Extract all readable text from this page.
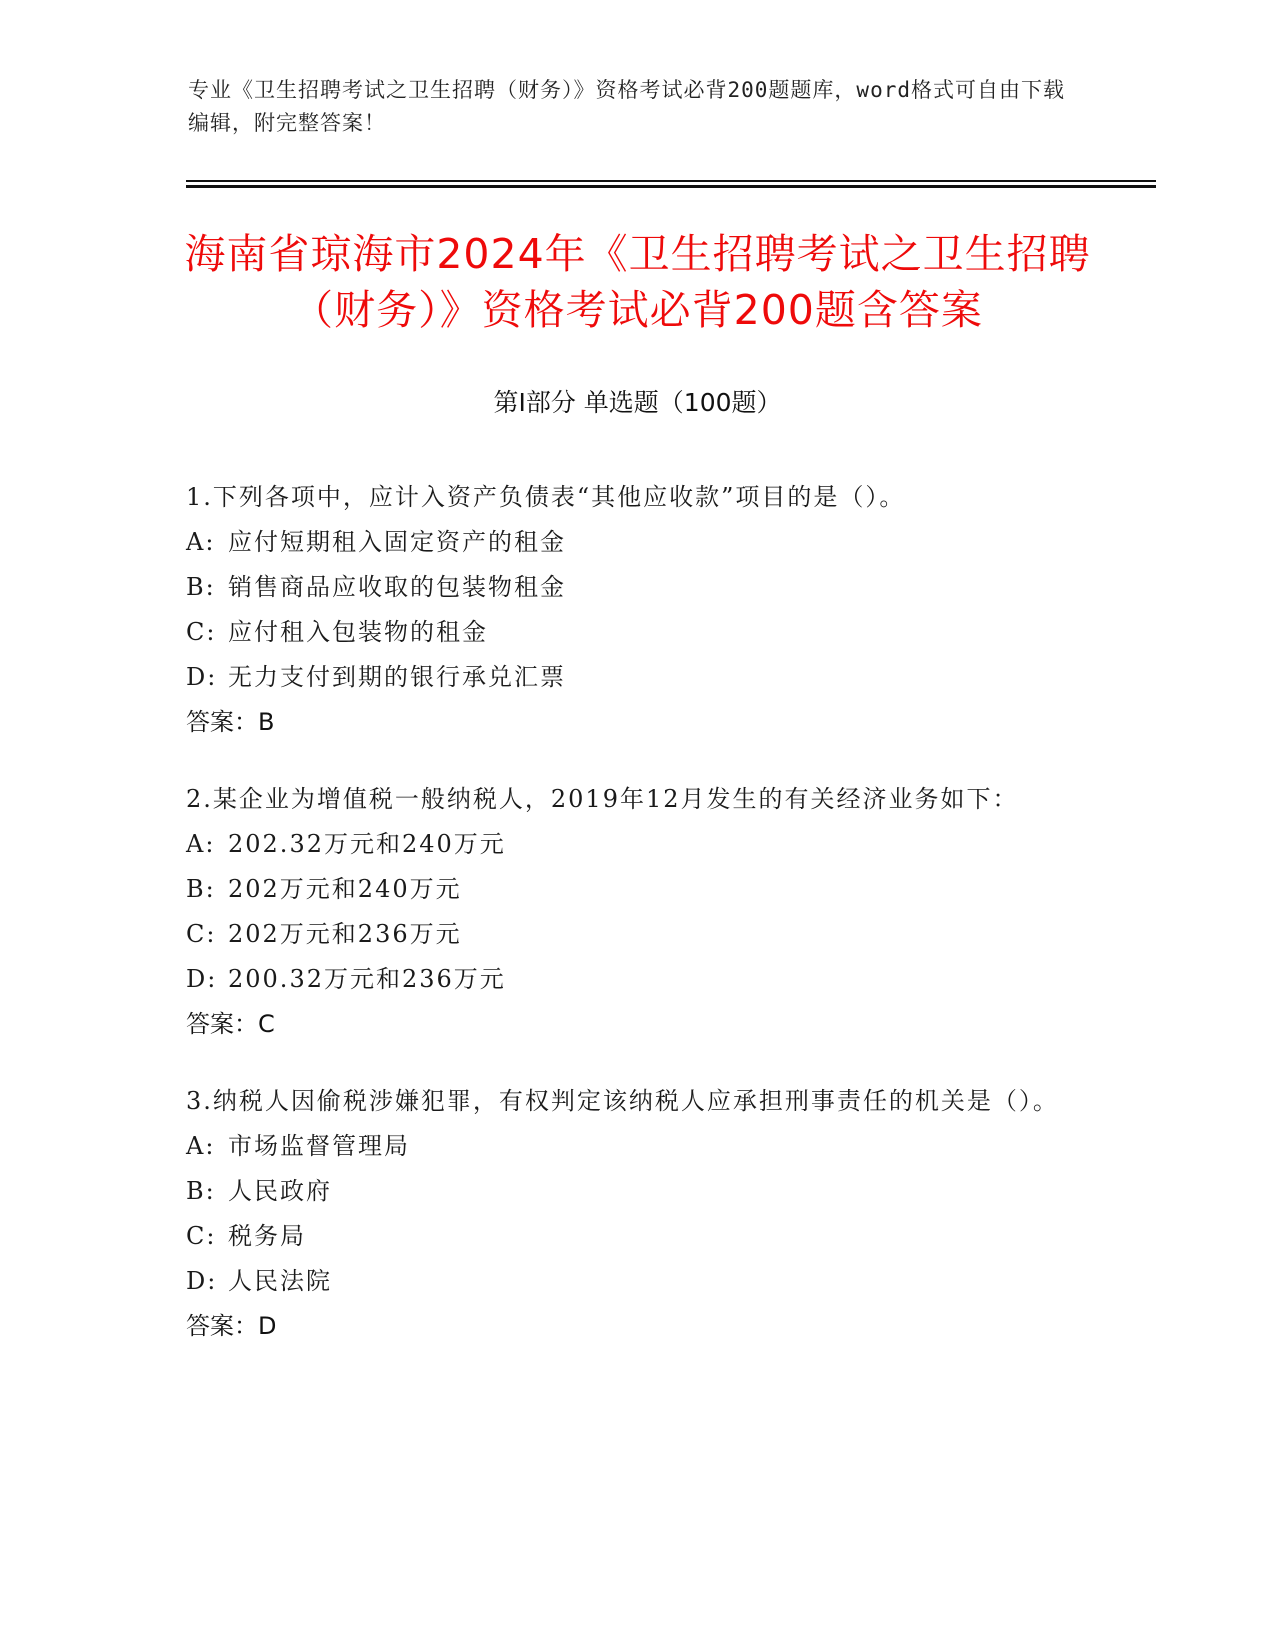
专业《卫生招聘考试之卫生招聘（财务）》资格考试必背200题题库，word格式可自由下载编辑，附完整答案！
海南省琼海市2024年《卫生招聘考试之卫生招聘（财务）》资格考试必背200题含答案
第I部分 单选题（100题）
1.下列各项中，应计入资产负债表“其他应收款”项目的是（）。
A: 应付短期租入固定资产的租金
B: 销售商品应收取的包装物租金
C: 应付租入包装物的租金
D: 无力支付到期的银行承兑汇票
答案：B
2.某企业为增值税一般纳税人，2019年12月发生的有关经济业务如下：
A: 202.32万元和240万元
B: 202万元和240万元
C: 202万元和236万元
D: 200.32万元和236万元
答案：C
3.纳税人因偷税涉嫌犯罪，有权判定该纳税人应承担刑事责任的机关是（）。
A: 市场监督管理局
B: 人民政府
C: 税务局
D: 人民法院
答案：D
